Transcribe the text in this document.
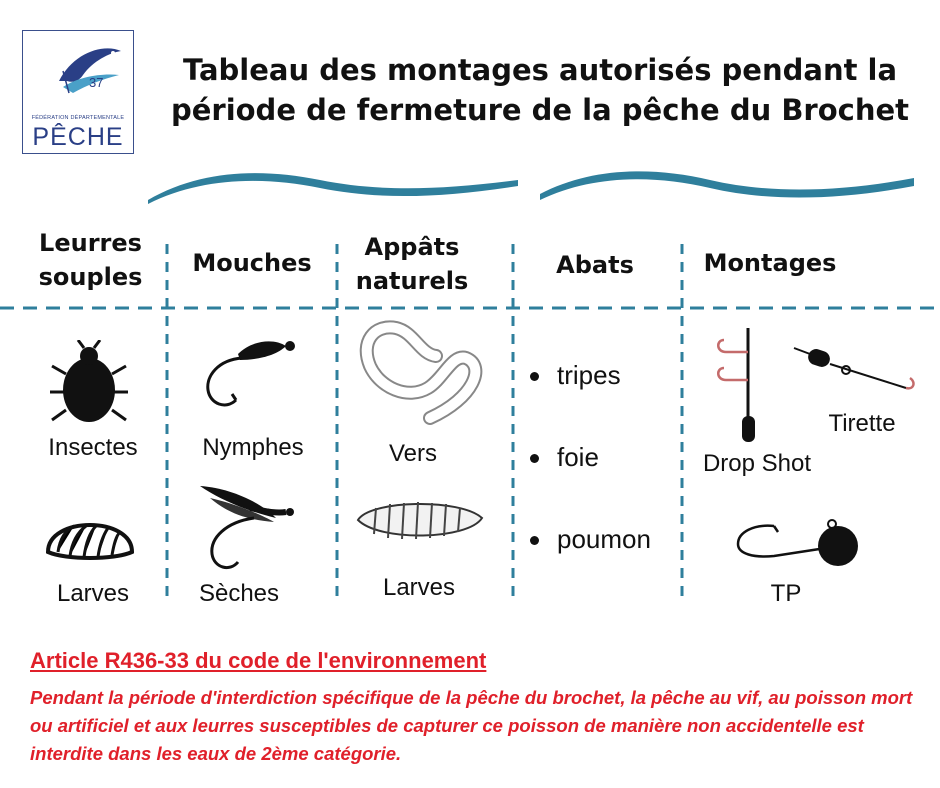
37
FÉDÉRATION DÉPARTEMENTALE
PÊCHE
Tableau des montages autorisés pendant la période de fermeture de la pêche du Brochet
Leurres souples	Mouches
Appâts naturels
Abats	Montages
Insectes
Larves
Nymphes
Sèches
Vers
Larves
tripes
foie
poumon
Drop Shot
Tirette
TP
Article R436-33 du code de l'environnement
Pendant la période d'interdiction spécifique de la pêche du brochet, la pêche au vif, au poisson mort ou artificiel et aux leurres susceptibles de capturer ce poisson de manière non accidentelle est interdite dans les eaux de 2ème catégorie.
